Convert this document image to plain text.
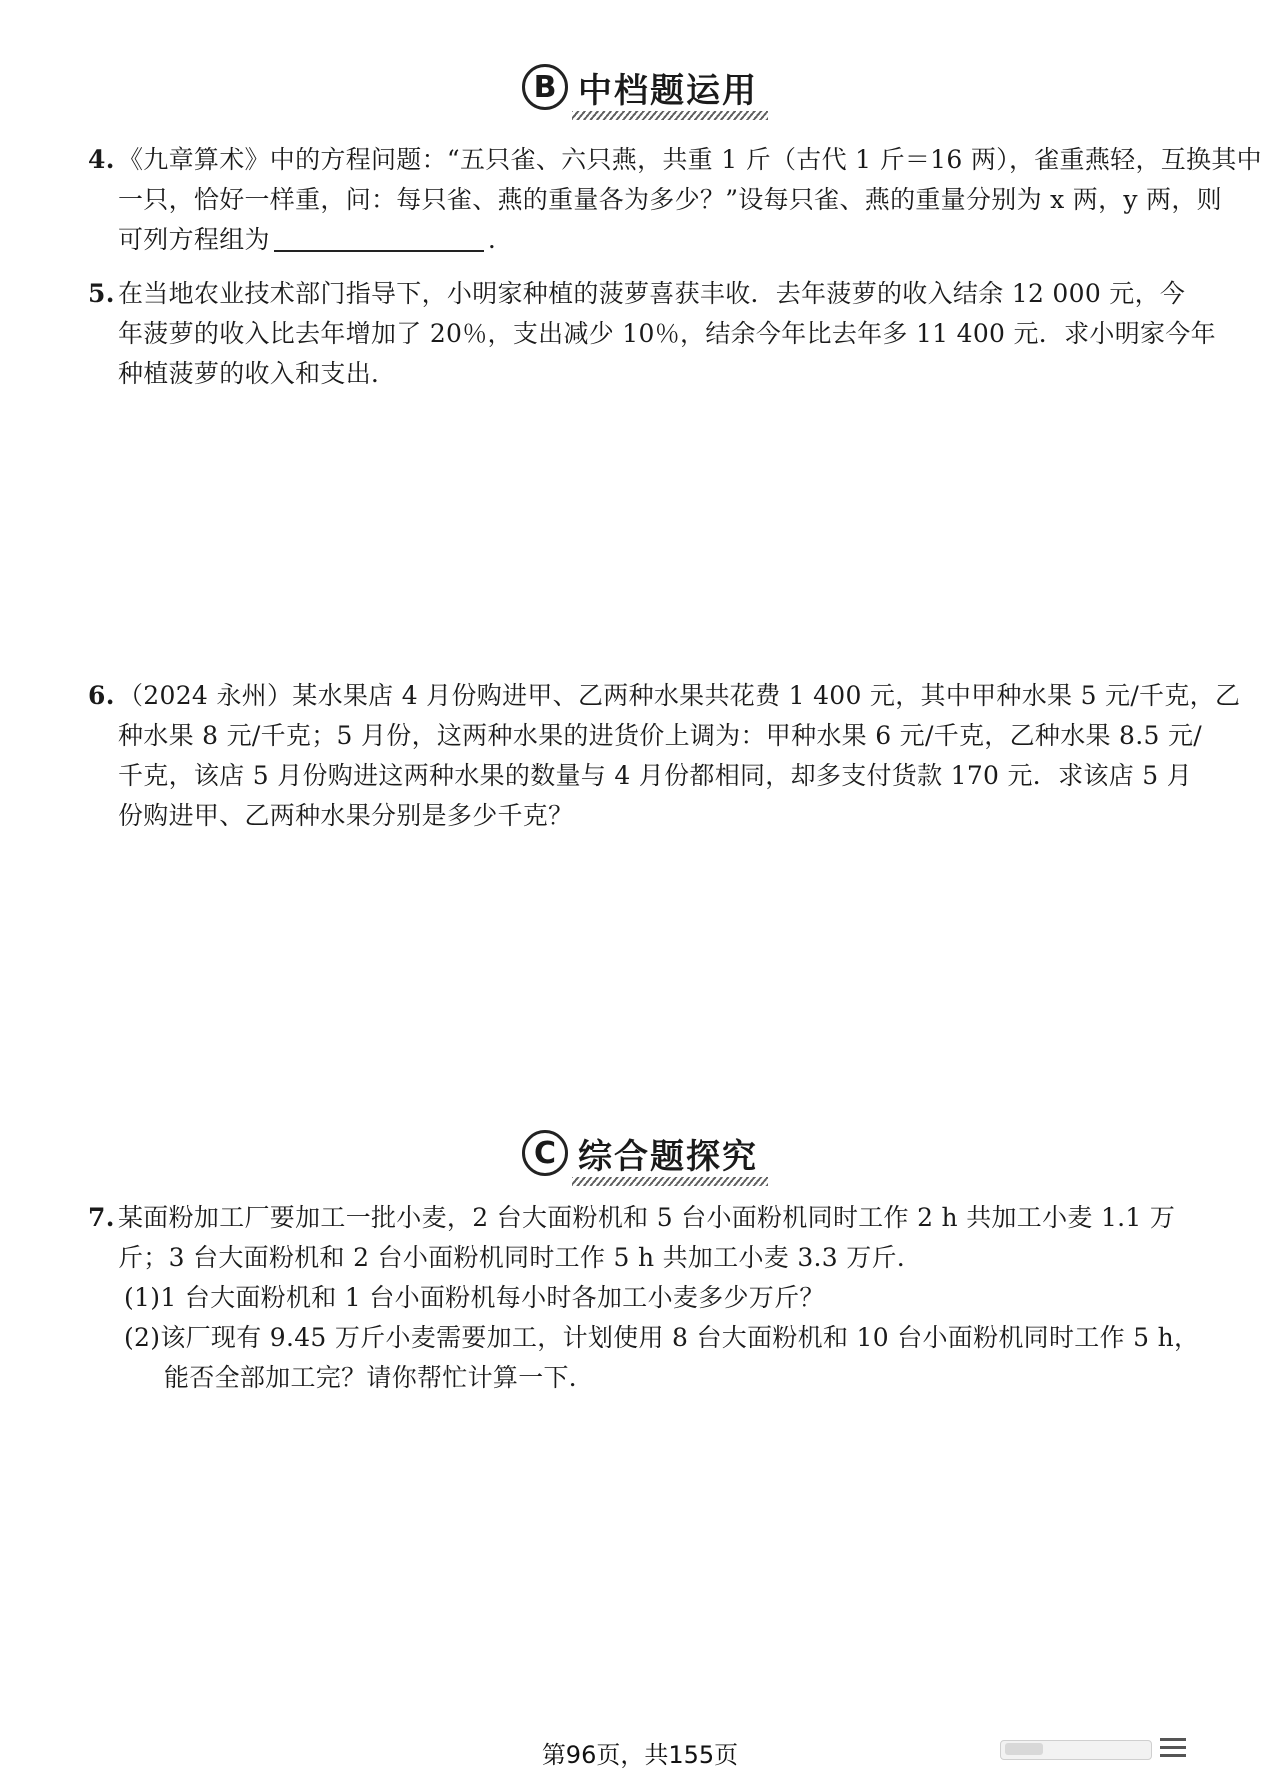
B 中档题运用
4. 《九章算术》中的方程问题：“五只雀、六只燕，共重 1 斤（古代 1 斤＝16 两），雀重燕轻，互换其中
一只，恰好一样重，问：每只雀、燕的重量各为多少？”设每只雀、燕的重量分别为 x 两，y 两，则
可列方程组为	.
5. 在当地农业技术部门指导下，小明家种植的菠萝喜获丰收．去年菠萝的收入结余 12 000 元，今
年菠萝的收入比去年增加了 20％，支出减少 10％，结余今年比去年多 11 400 元．求小明家今年
种植菠萝的收入和支出．
6. （2024 永州）某水果店 4 月份购进甲、乙两种水果共花费 1 400 元，其中甲种水果 5 元/千克，乙
种水果 8 元/千克；5 月份，这两种水果的进货价上调为：甲种水果 6 元/千克，乙种水果 8.5 元/
千克，该店 5 月份购进这两种水果的数量与 4 月份都相同，却多支付货款 170 元．求该店 5 月
份购进甲、乙两种水果分别是多少千克？
C 综合题探究
7. 某面粉加工厂要加工一批小麦，2 台大面粉机和 5 台小面粉机同时工作 2 h 共加工小麦 1.1 万
斤；3 台大面粉机和 2 台小面粉机同时工作 5 h 共加工小麦 3.3 万斤．
(1)1 台大面粉机和 1 台小面粉机每小时各加工小麦多少万斤？
(2)该厂现有 9.45 万斤小麦需要加工，计划使用 8 台大面粉机和 10 台小面粉机同时工作 5 h，
能否全部加工完？请你帮忙计算一下．
第96页，共155页
